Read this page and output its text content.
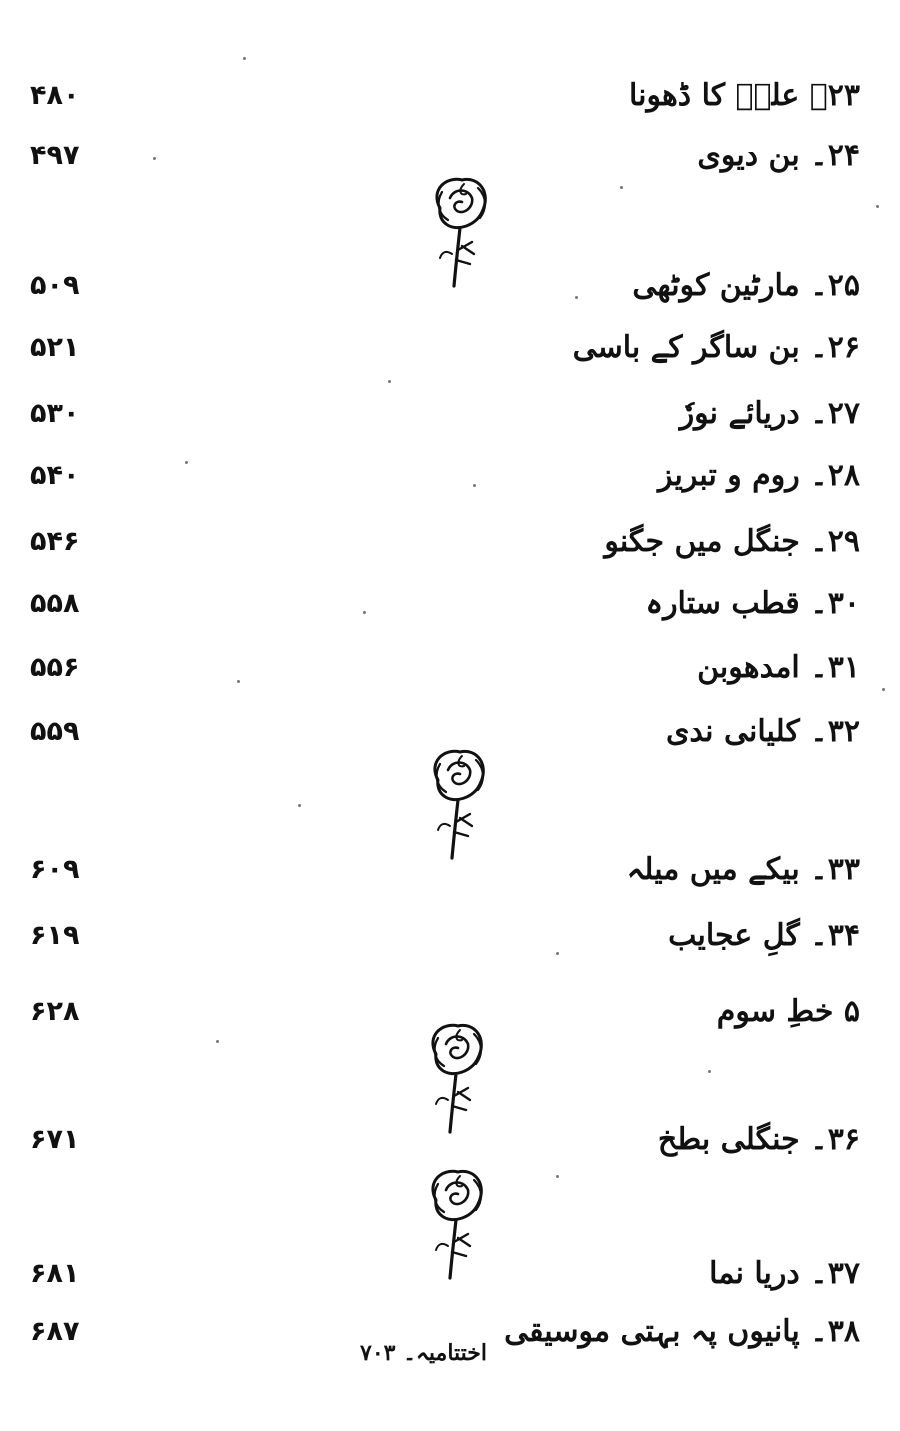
۲۳۔ علیؑ کا ڈھونا
۴۸۰
۲۴۔ بن دیوی
۴۹۷
۲۵۔ مارٹین کوٹھی
۵۰۹
۲۶۔ بن ساگر کے باسی
۵۲۱
۲۷۔ دریائے نورٗ
۵۳۰
۲۸۔ روم و تبریز
۵۴۰
۲۹۔ جنگل میں جگنو
۵۴۶
۳۰۔ قطب ستارہ
۵۵۸
۳۱۔ امدھوبن
۵۵۶
۳۲۔ کلیانی ندی
۵۵۹
۳۳۔ بیکے میں میلہ
۶۰۹
۳۴۔ گلِ عجایب
۶۱۹
۵ خطِ سوم
۶۲۸
۳۶۔ جنگلی بطخ
۶۷۱
۳۷۔ دریا نما
۶۸۱
۳۸۔ پانیوں پہ بہتی موسیقی
۶۸۷
اختتامیہ۔ ۷۰۳
